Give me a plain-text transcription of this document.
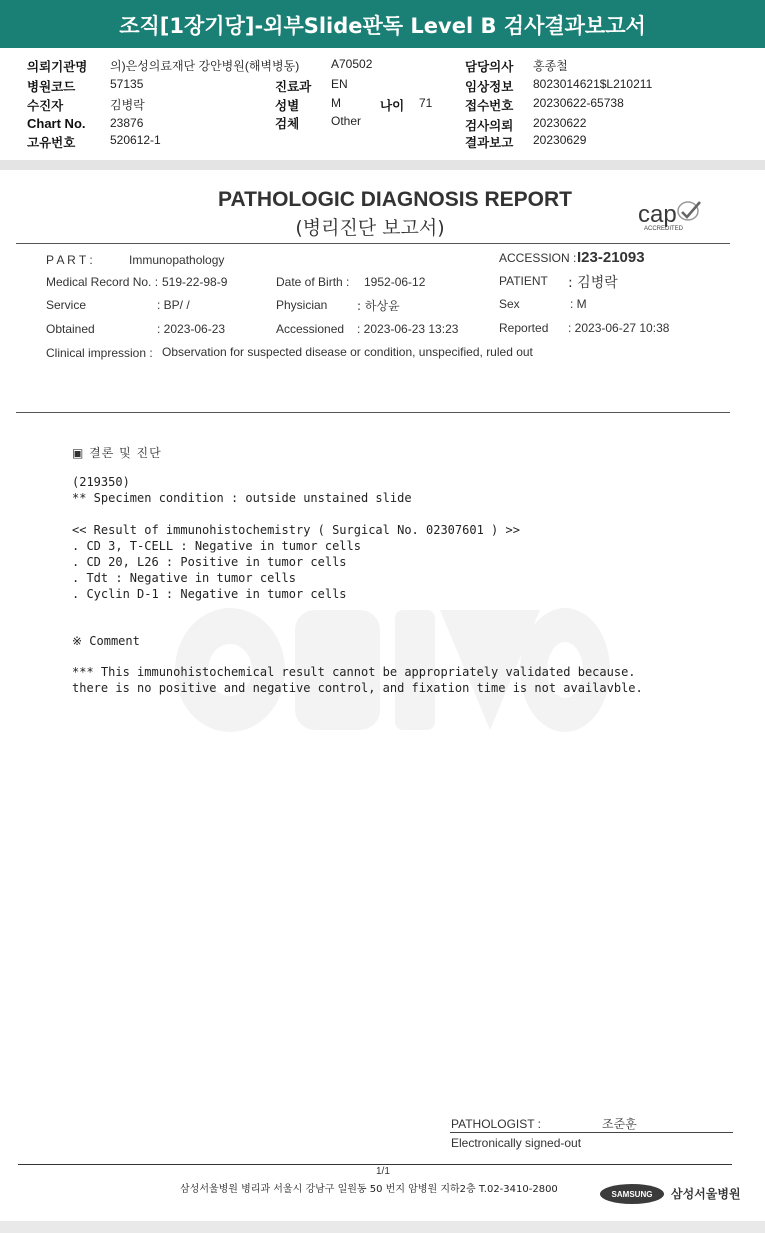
조직[1장기당]-외부Slide판독 Level B 검사결과보고서
의뢰기관명 의)은성의료재단 강안병원(해벽병동)	A70502	담당의사 홍종철
병원코드	57135	진료과 EN	임상정보 8023014621$L210211
수진자	김병락	성별	M	나이 71	접수번호 20230622-65738
Chart No. 23876	검체	Other	검사의뢰 20230622
고유번호	520612-1	결과보고 20230629
PATHOLOGIC DIAGNOSIS REPORT
(병리진단 보고서)	cap
ACCREDITED
P A R T :	Immunopathology	ACCESSION : I23-21093
Medical Record No. : 519-22-98-9	Date of Birth : 1952-06-12	PATIENT : 김병락
Service	: BP/ /	Physician : 하상윤	Sex	: M
Obtained	: 2023-06-23	Accessioned : 2023-06-23 13:23	Reported : 2023-06-27 10:38
Clinical impression : Observation for suspected disease or condition, unspecified, ruled out
▣ 결론 및 진단
(219350)
** Specimen condition : outside unstained slide
<< Result of immunohistochemistry ( Surgical No. 02307601 ) >>
. CD 3, T-CELL : Negative in tumor cells
. CD 20, L26 : Positive in tumor cells
. Tdt : Negative in tumor cells
. Cyclin D-1 : Negative in tumor cells
※ Comment
*** This immunohistochemical result cannot be appropriately validated because.
there is no positive and negative control, and fixation time is not availavble.
PATHOLOGIST :	조준훈
Electronically signed-out
1/1
삼성서울병원 병리과 서울시 강남구 일원동 50 번지 암병원 지하2층 T.02-3410-2800	SAMSUNG 삼성서울병원
